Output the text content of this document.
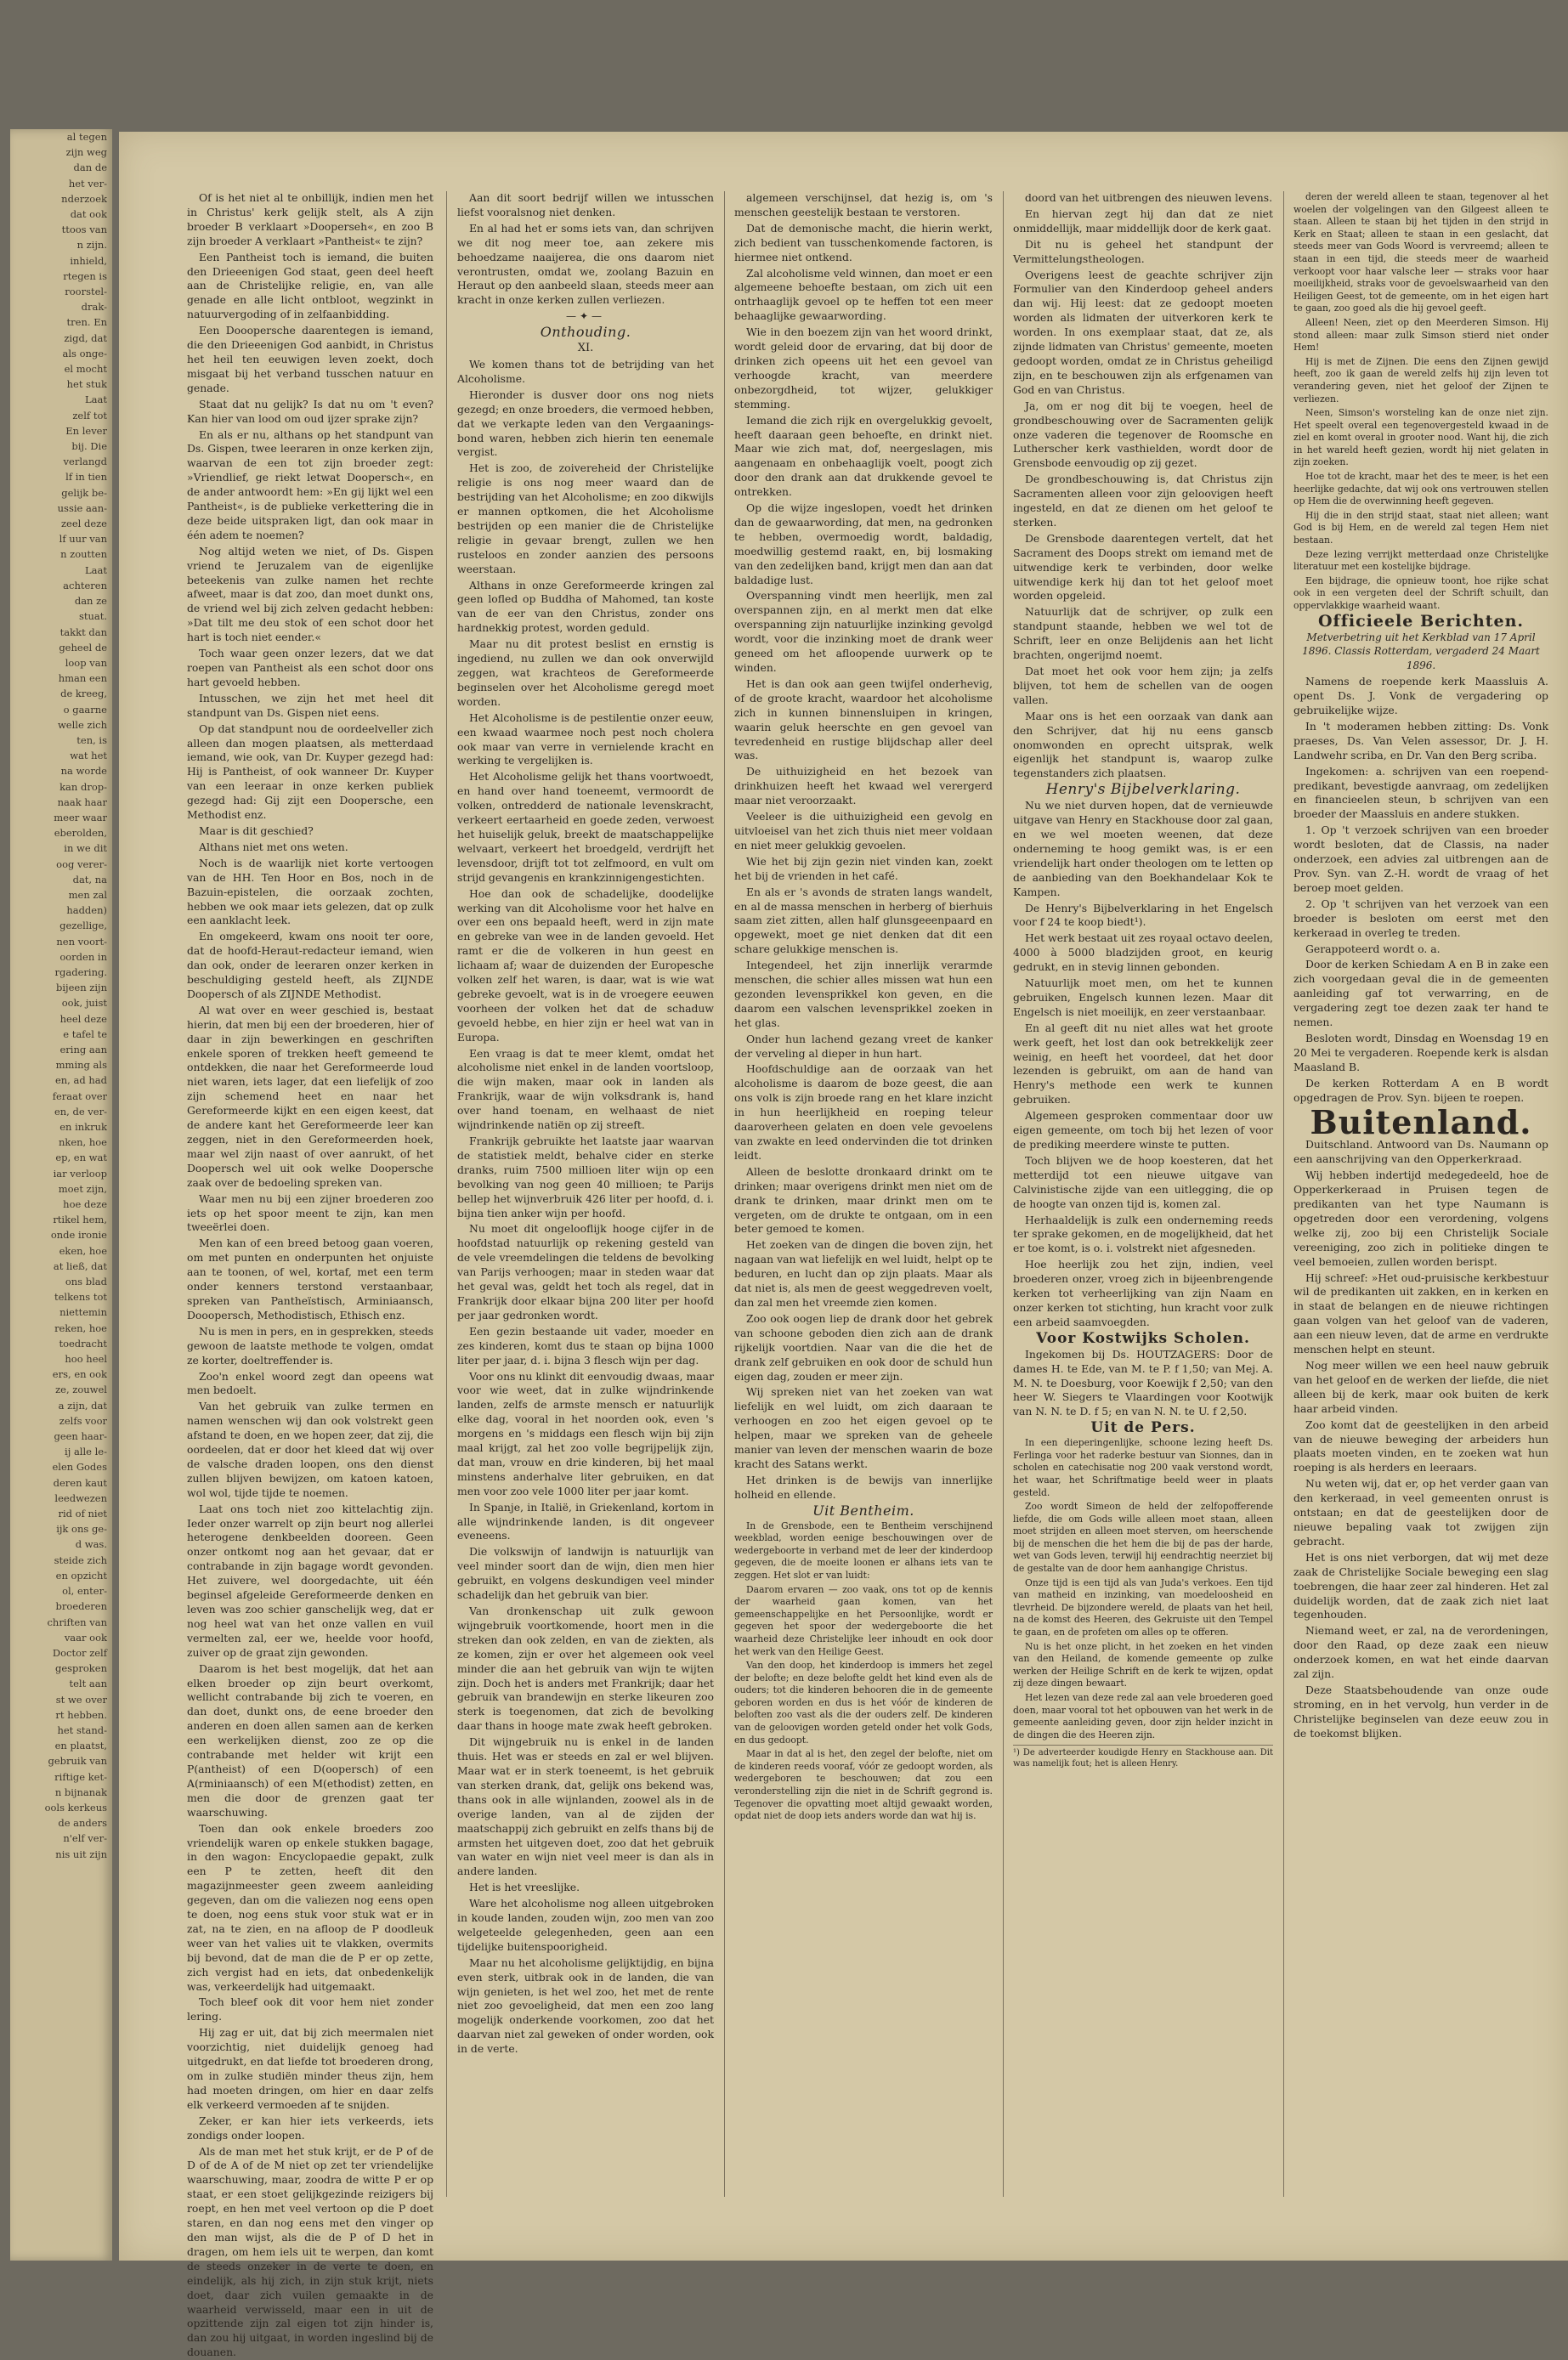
al tegen

zijn weg

dan de

het ver-

nderzoek

dat ook

ttoos van

n zijn.

inhield,

rtegen is

roorstel-

drak-

tren. En

zigd, dat

als onge-

el mocht

het stuk

Laat

zelf tot

En lever

bij. Die

verlangd

lf in tien

gelijk be-

ussie aan-

zeel deze

lf uur van

n zoutten

Laat

achteren

dan ze

stuat.

takkt dan

geheel de

loop van

hman een

de kreeg,

o gaarne

welle zich

ten, is

wat het

na worde

kan drop-

naak haar

meer waar

eberolden,

in we dit

oog verer-

dat, na

men zal

hadden)

gezellige,

nen voort-

oorden in

rgadering.

bijeen zijn

ook, juist

heel deze

e tafel te

ering aan

mming als

en, ad had

feraat over

en, de ver-

en inkruk

nken, hoe

ep, en wat

iar verloop

moet zijn,

hoe deze

rtikel hem,

onde ironie

eken, hoe

at ließ, dat

ons blad

telkens tot

niettemin

reken, hoe

toedracht

hoo heel

ers, en ook

ze, zouwel

a zijn, dat

zelfs voor

geen haar-

ij alle le-

elen Godes

deren kaut

leedwezen

rid of niet

ijk ons ge-

d was.

steide zich

en opzicht

ol, enter-

broederen

chriften van

vaar ook

Doctor zelf

gesproken

telt aan

st we over

rt hebben.

het stand-

en plaatst,

gebruik van

riftige ket-

n bijnanak

ools kerkeus

de anders

n'elf ver-

nis uit zijn

Of is het niet al te onbillijk, indien men het in Christus' kerk gelijk stelt, als A zijn broeder B verklaart »Dooperseh«, en zoo B zijn broeder A verklaart »Pantheist« te zijn?

Een Pantheist toch is iemand, die buiten den Drieeenigen God staat, geen deel heeft aan de Christelijke religie, en, van alle genade en alle licht ontbloot, wegzinkt in natuurvergoding of in zelfaanbidding.

Een Dooopersche daarentegen is iemand, die den Drieeenigen God aanbidt, in Christus het heil ten eeuwigen leven zoekt, doch misgaat bij het verband tusschen natuur en genade.

Staat dat nu gelijk? Is dat nu om 't even? Kan hier van lood om oud ijzer sprake zijn?

En als er nu, althans op het standpunt van Ds. Gispen, twee leeraren in onze kerken zijn, waarvan de een tot zijn broeder zegt: »Vriendlief, ge riekt letwat Doopersch«, en de ander antwoordt hem: »En gij lijkt wel een Pantheist«, is de publieke verkettering die in deze beide uitspraken ligt, dan ook maar in één adem te noemen?

Nog altijd weten we niet, of Ds. Gispen vriend te Jeruzalem van de eigenlijke beteekenis van zulke namen het rechte afweet, maar is dat zoo, dan moet dunkt ons, de vriend wel bij zich zelven gedacht hebben: »Dat tilt me deu stok of een schot door het hart is toch niet eender.«

Toch waar geen onzer lezers, dat we dat roepen van Pantheist als een schot door ons hart gevoeld hebben.

Intusschen, we zijn het met heel dit standpunt van Ds. Gispen niet eens.

Op dat standpunt nou de oordeelveller zich alleen dan mogen plaatsen, als metterdaad iemand, wie ook, van Dr. Kuyper gezegd had: Hij is Pantheist, of ook wanneer Dr. Kuyper van een leeraar in onze kerken publiek gezegd had: Gij zijt een Doopersche, een Methodist enz.

Maar is dit geschied?

Althans niet met ons weten.

Noch is de waarlijk niet korte vertoogen van de HH. Ten Hoor en Bos, noch in de Bazuin-epistelen, die oorzaak zochten, hebben we ook maar iets gelezen, dat op zulk een aanklacht leek.

En omgekeerd, kwam ons nooit ter oore, dat de hoofd-Heraut-redacteur iemand, wien dan ook, onder de leeraren onzer kerken in beschuldiging gesteld heeft, als ZIJNDE Doopersch of als ZIJNDE Methodist.

Al wat over en weer geschied is, bestaat hierin, dat men bij een der broederen, hier of daar in zijn bewerkingen en geschriften enkele sporen of trekken heeft gemeend te ontdekken, die naar het Gereformeerde loud niet waren, iets lager, dat een liefelijk of zoo zijn schemend heet en naar het Gereformeerde kijkt en een eigen keest, dat de andere kant het Gereformeerde leer kan zeggen, niet in den Gereformeerden hoek, maar wel zijn naast of over aanrukt, of het Doopersch wel uit ook welke Doopersche zaak over de bedoeling spreken van.

Waar men nu bij een zijner broederen zoo iets op het spoor meent te zijn, kan men tweeërlei doen.

Men kan of een breed betoog gaan voeren, om met punten en onderpunten het onjuiste aan te toonen, of wel, kortaf, met een term onder kenners terstond verstaanbaar, spreken van Pantheïstisch, Arminiaansch, Dooopersch, Methodistisch, Ethisch enz.

Nu is men in pers, en in gesprekken, steeds gewoon de laatste methode te volgen, omdat ze korter, doeltreffender is.

Zoo'n enkel woord zegt dan opeens wat men bedoelt.

Van het gebruik van zulke termen en namen wenschen wij dan ook volstrekt geen afstand te doen, en we hopen zeer, dat zij, die oordeelen, dat er door het kleed dat wij over de valsche draden loopen, ons den dienst zullen blijven bewijzen, om katoen katoen, wol wol, tijde tijde te noemen.

Laat ons toch niet zoo kittelachtig zijn. Ieder onzer warrelt op zijn beurt nog allerlei heterogene denkbeelden dooreen. Geen onzer ontkomt nog aan het gevaar, dat er contrabande in zijn bagage wordt gevonden. Het zuivere, wel doorgedachte, uit één beginsel afgeleide Gereformeerde denken en leven was zoo schier ganschelijk weg, dat er nog heel wat van het onze vallen en vuil vermelten zal, eer we, heelde voor hoofd, zuiver op de graat zijn gewonden.

Daarom is het best mogelijk, dat het aan elken broeder op zijn beurt overkomt, wellicht contrabande bij zich te voeren, en dan doet, dunkt ons, de eene broeder den anderen en doen allen samen aan de kerken een werkelijken dienst, zoo ze op die contrabande met helder wit krijt een P(antheist) of een D(oopersch) of een A(rminiaansch) of een M(ethodist) zetten, en men die door de grenzen gaat ter waarschuwing.

Toen dan ook enkele broeders zoo vriendelijk waren op enkele stukken bagage, in den wagon: Encyclopaedie gepakt, zulk een P te zetten, heeft dit den magazijnmeester geen zweem aanleiding gegeven, dan om die valiezen nog eens open te doen, nog eens stuk voor stuk wat er in zat, na te zien, en na afloop de P doodleuk weer van het valies uit te vlakken, overmits bij bevond, dat de man die de P er op zette, zich vergist had en iets, dat onbedenkelijk was, verkeerdelijk had uitgemaakt.

Toch bleef ook dit voor hem niet zonder lering.

Hij zag er uit, dat bij zich meermalen niet voorzichtig, niet duidelijk genoeg had uitgedrukt, en dat liefde tot broederen drong, om in zulke studiën minder theus zijn, hem had moeten dringen, om hier en daar zelfs elk verkeerd vermoeden af te snijden.

Zeker, er kan hier iets verkeerds, iets zondigs onder loopen.

Als de man met het stuk krijt, er de P of de D of de A of de M niet op zet ter vriendelijke waarschuwing, maar, zoodra de witte P er op staat, er een stoet gelijkgezinde reizigers bij roept, en hen met veel vertoon op die P doet staren, en dan nog eens met den vinger op den man wijst, als die de P of D het in dragen, om hem iels uit te werpen, dan komt de steeds onzeker in de verte te doen, en eindelijk, als hij zich, in zijn stuk krijt, niets doet, daar zich vuilen gemaakte in de waarheid verwisseld, maar een in uit de opzittende zijn zal eigen tot zijn hinder is, dan zou hij uitgaat, in worden ingeslind bij de douanen.

Aan dit soort bedrijf willen we intusschen liefst vooralsnog niet denken.

En al had het er soms iets van, dan schrijven we dit nog meer toe, aan zekere mis behoedzame naaijerea, die ons daarom niet verontrusten, omdat we, zoolang Bazuin en Heraut op den aanbeeld slaan, steeds meer aan kracht in onze kerken zullen verliezen.

—✦—

Onthouding.

XI.

We komen thans tot de betrijding van het Alcoholisme.

Hieronder is dusver door ons nog niets gezegd; en onze broeders, die vermoed hebben, dat we verkapte leden van den Vergaanings-bond waren, hebben zich hierin ten eenemale vergist.

Het is zoo, de zoivereheid der Christelijke religie is ons nog meer waard dan de bestrijding van het Alcoholisme; en zoo dikwijls er mannen optkomen, die het Alcoholisme bestrijden op een manier die de Christelijke religie in gevaar brengt, zullen we hen rusteloos en zonder aanzien des persoons weerstaan.

Althans in onze Gereformeerde kringen zal geen lofled op Buddha of Mahomed, tan koste van de eer van den Christus, zonder ons hardnekkig protest, worden geduld.

Maar nu dit protest beslist en ernstig is ingediend, nu zullen we dan ook onverwijld zeggen, wat krachteos de Gereformeerde beginselen over het Alcoholisme geregd moet worden.

Het Alcoholisme is de pestilentie onzer eeuw, een kwaad waarmee noch pest noch cholera ook maar van verre in vernielende kracht en werking te vergelijken is.

Het Alcoholisme gelijk het thans voortwoedt, en hand over hand toeneemt, vermoordt de volken, ontredderd de nationale levenskracht, verkeert eertaarheid en goede zeden, verwoest het huiselijk geluk, breekt de maatschappelijke welvaart, verkeert het broedgeld, verdrijft het levensdoor, drijft tot tot zelfmoord, en vult om strijd gevangenis en krankzinnigengestichten.

Hoe dan ook de schadelijke, doodelijke werking van dit Alcoholisme voor het halve en over een ons bepaald heeft, werd in zijn mate en gebreke van wee in de landen gevoeld. Het ramt er die de volkeren in hun geest en lichaam af; waar de duizenden der Europesche volken zelf het waren, is daar, wat is wie wat gebreke gevoelt, wat is in de vroegere eeuwen voorheen der volken het dat de schaduw gevoeld hebbe, en hier zijn er heel wat van in Europa.

Een vraag is dat te meer klemt, omdat het alcoholisme niet enkel in de landen voortsloop, die wijn maken, maar ook in landen als Frankrijk, waar de wijn volksdrank is, hand over hand toenam, en welhaast de niet wijndrinkende natiën op zij streeft.

Frankrijk gebruikte het laatste jaar waarvan de statistiek meldt, behalve cider en sterke dranks, ruim 7500 millioen liter wijn op een bevolking van nog geen 40 millioen; te Parijs bellep het wijnverbruik 426 liter per hoofd, d. i. bijna tien anker wijn per hoofd.

Nu moet dit ongelooflijk hooge cijfer in de hoofdstad natuurlijk op rekening gesteld van de vele vreemdelingen die teldens de bevolking van Parijs verhoogen; maar in steden waar dat het geval was, geldt het toch als regel, dat in Frankrijk door elkaar bijna 200 liter per hoofd per jaar gedronken wordt.

Een gezin bestaande uit vader, moeder en zes kinderen, komt dus te staan op bijna 1000 liter per jaar, d. i. bijna 3 flesch wijn per dag.

Voor ons nu klinkt dit eenvoudig dwaas, maar voor wie weet, dat in zulke wijndrinkende landen, zelfs de armste mensch er natuurlijk elke dag, vooral in het noorden ook, even 's morgens en 's middags een flesch wijn bij zijn maal krijgt, zal het zoo volle begrijpelijk zijn, dat man, vrouw en drie kinderen, bij het maal minstens anderhalve liter gebruiken, en dat men voor zoo vele 1000 liter per jaar komt.

In Spanje, in Italië, in Griekenland, kortom in alle wijndrinkende landen, is dit ongeveer eveneens.

Die volkswijn of landwijn is natuurlijk van veel minder soort dan de wijn, dien men hier gebruikt, en volgens deskundigen veel minder schadelijk dan het gebruik van bier.

Van dronkenschap uit zulk gewoon wijngebruik voortkomende, hoort men in die streken dan ook zelden, en van de ziekten, als ze komen, zijn er over het algemeen ook veel minder die aan het gebruik van wijn te wijten zijn. Doch het is anders met Frankrijk; daar het gebruik van brandewijn en sterke likeuren zoo sterk is toegenomen, dat zich de bevolking daar thans in hooge mate zwak heeft gebroken.

Dit wijngebruik nu is enkel in de landen thuis. Het was er steeds en zal er wel blijven. Maar wat er in sterk toeneemt, is het gebruik van sterken drank, dat, gelijk ons bekend was, thans ook in alle wijnlanden, zoowel als in de overige landen, van al de zijden der maatschappij zich gebruikt en zelfs thans bij de armsten het uitgeven doet, zoo dat het gebruik van water en wijn niet veel meer is dan als in andere landen.

Het is het vreeslijke.

Ware het alcoholisme nog alleen uitgebroken in koude landen, zouden wijn, zoo men van zoo welgeteelde gelegenheden, geen aan een tijdelijke buitenspoorigheid.

Maar nu het alcoholisme gelijktijdig, en bijna even sterk, uitbrak ook in de landen, die van wijn genieten, is het wel zoo, het met de rente niet zoo gevoeligheid, dat men een zoo lang mogelijk onderkende voorkomen, zoo dat het daarvan niet zal geweken of onder worden, ook in de verte.

algemeen verschijnsel, dat hezig is, om 's menschen geestelijk bestaan te verstoren.

Dat de demonische macht, die hierin werkt, zich bedient van tusschenkomende factoren, is hiermee niet ontkend.

Zal alcoholisme veld winnen, dan moet er een algemeene behoefte bestaan, om zich uit een ontrhaaglijk gevoel op te heffen tot een meer behaaglijke gewaarwording.

Wie in den boezem zijn van het woord drinkt, wordt geleid door de ervaring, dat bij door de drinken zich opeens uit het een gevoel van verhoogde kracht, van meerdere onbezorgdheid, tot wijzer, gelukkiger stemming.

Iemand die zich rijk en overgelukkig gevoelt, heeft daaraan geen behoefte, en drinkt niet. Maar wie zich mat, dof, neergeslagen, mis aangenaam en onbehaaglijk voelt, poogt zich door den drank aan dat drukkende gevoel te ontrekken.

Op die wijze ingeslopen, voedt het drinken dan de gewaarwording, dat men, na gedronken te hebben, overmoedig wordt, baldadig, moedwillig gestemd raakt, en, bij losmaking van den zedelijken band, krijgt men dan aan dat baldadige lust.

Overspanning vindt men heerlijk, men zal overspannen zijn, en al merkt men dat elke overspanning zijn natuurlijke inzinking gevolgd wordt, voor die inzinking moet de drank weer geneed om het afloopende uurwerk op te winden.

Het is dan ook aan geen twijfel onderhevig, of de groote kracht, waardoor het alcoholisme zich in kunnen binnensluipen in kringen, waarin geluk heerschte en gen gevoel van tevredenheid en rustige blijdschap aller deel was.

De uithuizigheid en het bezoek van drinkhuizen heeft het kwaad wel verergerd maar niet veroorzaakt.

Veeleer is die uithuizigheid een gevolg en uitvloeisel van het zich thuis niet meer voldaan en niet meer gelukkig gevoelen.

Wie het bij zijn gezin niet vinden kan, zoekt het bij de vrienden in het café.

En als er 's avonds de straten langs wandelt, en al de massa menschen in herberg of bierhuis saam ziet zitten, allen half glunsgeeenpaard en opgewekt, moet ge niet denken dat dit een schare gelukkige menschen is.

Integendeel, het zijn innerlijk verarmde menschen, die schier alles missen wat hun een gezonden levensprikkel kon geven, en die daarom een valschen levensprikkel zoeken in het glas.

Onder hun lachend gezang vreet de kanker der verveling al dieper in hun hart.

Hoofdschuldige aan de oorzaak van het alcoholisme is daarom de boze geest, die aan ons volk is zijn broede rang en het klare inzicht in hun heerlijkheid en roeping teleur daaroverheen gelaten en doen vele gevoelens van zwakte en leed ondervinden die tot drinken leidt.

Alleen de beslotte dronkaard drinkt om te drinken; maar overigens drinkt men niet om de drank te drinken, maar drinkt men om te vergeten, om de drukte te ontgaan, om in een beter gemoed te komen.

Het zoeken van de dingen die boven zijn, het nagaan van wat liefelijk en wel luidt, helpt op te beduren, en lucht dan op zijn plaats. Maar als dat niet is, als men de geest weggedreven voelt, dan zal men het vreemde zien komen.

Zoo ook oogen liep de drank door het gebrek van schoone geboden dien zich aan de drank rijkelijk voortdien. Naar van die die het de drank zelf gebruiken en ook door de schuld hun eigen dag, zouden er meer zijn.

Wij spreken niet van het zoeken van wat liefelijk en wel luidt, om zich daaraan te verhoogen en zoo het eigen gevoel op te helpen, maar we spreken van de geheele manier van leven der menschen waarin de boze kracht des Satans werkt.

Het drinken is de bewijs van innerlijke holheid en ellende.

Uit Bentheim.

In de Grensbode, een te Bentheim verschijnend weekblad, worden eenige beschouwingen over de wedergeboorte in verband met de leer der kinderdoop gegeven, die de moeite loonen er alhans iets van te zeggen. Het slot er van luidt:

Daarom ervaren — zoo vaak, ons tot op de kennis der waarheid gaan komen, van het gemeenschappelijke en het Persoonlijke, wordt er gegeven het spoor der wedergeboorte die het waarheid deze Christelijke leer inhoudt en ook door het werk van den Heilige Geest.

Van den doop, het kinderdoop is immers het zegel der belofte; en deze belofte geldt het kind even als de ouders; tot die kinderen behooren die in de gemeente geboren worden en dus is het vóór de kinderen de beloften zoo vast als die der ouders zelf. De kinderen van de geloovigen worden geteld onder het volk Gods, en dus gedoopt.

Maar in dat al is het, den zegel der belofte, niet om de kinderen reeds vooraf, vóór ze gedoopt worden, als wedergeboren te beschouwen; dat zou een veronderstelling zijn die niet in de Schrift gegrond is. Tegenover die opvatting moet altijd gewaakt worden, opdat niet de doop iets anders worde dan wat hij is.

doord van het uitbrengen des nieuwen levens.

En hiervan zegt hij dan dat ze niet onmiddellijk, maar middellijk door de kerk gaat.

Dit nu is geheel het standpunt der Vermittelungstheologen.

Overigens leest de geachte schrijver zijn Formulier van den Kinderdoop geheel anders dan wij. Hij leest: dat ze gedoopt moeten worden als lidmaten der uitverkoren kerk te worden. In ons exemplaar staat, dat ze, als zijnde lidmaten van Christus' gemeente, moeten gedoopt worden, omdat ze in Christus geheiligd zijn, en te beschouwen zijn als erfgenamen van God en van Christus.

Ja, om er nog dit bij te voegen, heel de grondbeschouwing over de Sacramenten gelijk onze vaderen die tegenover de Roomsche en Lutherscher kerk vasthielden, wordt door de Grensbode eenvoudig op zij gezet.

De grondbeschouwing is, dat Christus zijn Sacramenten alleen voor zijn geloovigen heeft ingesteld, en dat ze dienen om het geloof te sterken.

De Grensbode daarentegen vertelt, dat het Sacrament des Doops strekt om iemand met de uitwendige kerk te verbinden, door welke uitwendige kerk hij dan tot het geloof moet worden opgeleid.

Natuurlijk dat de schrijver, op zulk een standpunt staande, hebben we wel tot de Schrift, leer en onze Belijdenis aan het licht brachten, ongerijmd noemt.

Dat moet het ook voor hem zijn; ja zelfs blijven, tot hem de schellen van de oogen vallen.

Maar ons is het een oorzaak van dank aan den Schrijver, dat hij nu eens ganscb onomwonden en oprecht uitsprak, welk eigenlijk het standpunt is, waarop zulke tegenstanders zich plaatsen.

Henry's Bijbelverklaring.

Nu we niet durven hopen, dat de vernieuwde uitgave van Henry en Stackhouse door zal gaan, en we wel moeten weenen, dat deze onderneming te hoog gemikt was, is er een vriendelijk hart onder theologen om te letten op de aanbieding van den Boekhandelaar Kok te Kampen.

De Henry's Bijbelverklaring in het Engelsch voor f 24 te koop biedt¹).

Het werk bestaat uit zes royaal octavo deelen, 4000 à 5000 bladzijden groot, en keurig gedrukt, en in stevig linnen gebonden.

Natuurlijk moet men, om het te kunnen gebruiken, Engelsch kunnen lezen. Maar dit Engelsch is niet moeilijk, en zeer verstaanbaar.

En al geeft dit nu niet alles wat het groote werk geeft, het lost dan ook betrekkelijk zeer weinig, en heeft het voordeel, dat het door lezenden is gebruikt, om aan de hand van Henry's methode een werk te kunnen gebruiken.

Algemeen gesproken commentaar door uw eigen gemeente, om toch bij het lezen of voor de prediking meerdere winste te putten.

Toch blijven we de hoop koesteren, dat het metterdijd tot een nieuwe uitgave van Calvinistische zijde van een uitlegging, die op de hoogte van onzen tijd is, komen zal.

Herhaaldelijk is zulk een onderneming reeds ter sprake gekomen, en de mogelijkheid, dat het er toe komt, is o. i. volstrekt niet afgesneden.

Hoe heerlijk zou het zijn, indien, veel broederen onzer, vroeg zich in bijeenbrengende kerken tot verheerlijking van zijn Naam en onzer kerken tot stichting, hun kracht voor zulk een arbeid saamvoegden.

Voor Kostwijks Scholen.

Ingekomen bij Ds. HOUTZAGERS: Door de dames H. te Ede, van M. te P. f 1,50; van Mej. A. M. N. te Doesburg, voor Koewijk f 2,50; van den heer W. Siegers te Vlaardingen voor Kootwijk van N. N. te D. f 5; en van N. N. te U. f 2,50.

Uit de Pers.

In een dieperingenlijke, schoone lezing heeft Ds. Ferlinga voor het raderke bestuur van Sionnes, dan in scholen en catechisatie nog 200 vaak verstond wordt, het waar, het Schriftmatige beeld weer in plaats gesteld.

Zoo wordt Simeon de held der zelfopofferende liefde, die om Gods wille alleen moet staan, alleen moet strijden en alleen moet sterven, om heerschende bij de menschen die het hem die bij de pas der harde, wet van Gods leven, terwijl hij eendrachtig neerziet bij de gestalte van de door hem aanhangige Christus.

Onze tijd is een tijd als van Juda's verkoes. Een tijd van matheid en inzinking, van moedeloosheid en tlevrheid. De bijzondere wereld, de plaats van het heil, na de komst des Heeren, des Gekruiste uit den Tempel te gaan, en de profeten om alles op te offeren.

Nu is het onze plicht, in het zoeken en het vinden van den Heiland, de komende gemeente op zulke werken der Heilige Schrift en de kerk te wijzen, opdat zij deze dingen bewaart.

Het lezen van deze rede zal aan vele broederen goed doen, maar vooral tot het opbouwen van het werk in de gemeente aanleiding geven, door zijn helder inzicht in de dingen die des Heeren zijn.

¹) De adverteerder koudigde Henry en Stackhouse aan. Dit was namelijk fout; het is alleen Henry.

deren der wereld alleen te staan, tegenover al het woelen der volgelingen van den Gilgeest alleen te staan. Alleen te staan bij het tijden in den strijd in Kerk en Staat; alleen te staan in een geslacht, dat steeds meer van Gods Woord is vervreemd; alleen te staan in een tijd, die steeds meer de waarheid verkoopt voor haar valsche leer — straks voor haar moeilijkheid, straks voor de gevoelswaarheid van den Heiligen Geest, tot de gemeente, om in het eigen hart te gaan, zoo goed als die hij gevoel geeft.

Alleen! Neen, ziet op den Meerderen Simson. Hij stond alleen: maar zulk Simson stierd niet onder Hem!

Hij is met de Zijnen. Die eens den Zijnen gewijd heeft, zoo ik gaan de wereld zelfs hij zijn leven tot verandering geven, niet het geloof der Zijnen te verliezen.

Neen, Simson's worsteling kan de onze niet zijn. Het speelt overal een tegenovergesteld kwaad in de ziel en komt overal in grooter nood. Want hij, die zich in het wareld heeft gezien, wordt hij niet gelaten in zijn zoeken.

Hoe tot de kracht, maar het des te meer, is het een heerlijke gedachte, dat wij ook ons vertrouwen stellen op Hem die de overwinning heeft gegeven.

Hij die in den strijd staat, staat niet alleen; want God is bij Hem, en de wereld zal tegen Hem niet bestaan.

Deze lezing verrijkt metterdaad onze Christelijke literatuur met een kostelijke bijdrage.

Een bijdrage, die opnieuw toont, hoe rijke schat ook in een vergeten deel der Schrift schuilt, dan oppervlakkige waarheid waant.

Officieele Berichten.

Metverbetring uit het Kerkblad van 17 April 1896. Classis Rotterdam, vergaderd 24 Maart 1896.

Namens de roepende kerk Maassluis A. opent Ds. J. Vonk de vergadering op gebruikelijke wijze.

In 't moderamen hebben zitting: Ds. Vonk praeses, Ds. Van Velen assessor, Dr. J. H. Landwehr scriba, en Dr. Van den Berg scriba.

Ingekomen: a. schrijven van een roepend-predikant, bevestigde aanvraag, om zedelijken en financieelen steun, b schrijven van een broeder der Maassluis en andere stukken.

1. Op 't verzoek schrijven van een broeder wordt besloten, dat de Classis, na nader onderzoek, een advies zal uitbrengen aan de Prov. Syn. van Z.-H. wordt de vraag of het beroep moet gelden.

2. Op 't schrijven van het verzoek van een broeder is besloten om eerst met den kerkeraad in overleg te treden.

Gerappoteerd wordt o. a.

Door de kerken Schiedam A en B in zake een zich voorgedaan geval die in de gemeenten aanleiding gaf tot verwarring, en de vergadering zegt toe dezen zaak ter hand te nemen.

Besloten wordt, Dinsdag en Woensdag 19 en 20 Mei te vergaderen. Roepende kerk is alsdan Maasland B.

De kerken Rotterdam A en B wordt opgedragen de Prov. Syn. bijeen te roepen.

Buitenland.

Duitschland. Antwoord van Ds. Naumann op een aanschrijving van den Opperkerkraad.

Wij hebben indertijd medegedeeld, hoe de Opperkerkeraad in Pruisen tegen de predikanten van het type Naumann is opgetreden door een verordening, volgens welke zij, zoo bij een Christelijk Sociale vereeniging, zoo zich in politieke dingen te veel bemoeien, zullen worden berispt.

Hij schreef: »Het oud-pruisische kerkbestuur wil de predikanten uit zakken, en in kerken en in staat de belangen en de nieuwe richtingen gaan volgen van het geloof van de vaderen, aan een nieuw leven, dat de arme en verdrukte menschen helpt en steunt.

Nog meer willen we een heel nauw gebruik van het geloof en de werken der liefde, die niet alleen bij de kerk, maar ook buiten de kerk haar arbeid vinden.

Zoo komt dat de geestelijken in den arbeid van de nieuwe beweging der arbeiders hun plaats moeten vinden, en te zoeken wat hun roeping is als herders en leeraars.

Nu weten wij, dat er, op het verder gaan van den kerkeraad, in veel gemeenten onrust is ontstaan; en dat de geestelijken door de nieuwe bepaling vaak tot zwijgen zijn gebracht.

Het is ons niet verborgen, dat wij met deze zaak de Christelijke Sociale beweging een slag toebrengen, die haar zeer zal hinderen. Het zal duidelijk worden, dat de zaak zich niet laat tegenhouden.

Niemand weet, er zal, na de verordeningen, door den Raad, op deze zaak een nieuw onderzoek komen, en wat het einde daarvan zal zijn.

Deze Staatsbehoudende van onze oude stroming, en in het vervolg, hun verder in de Christelijke beginselen van deze eeuw zou in de toekomst blijken.
